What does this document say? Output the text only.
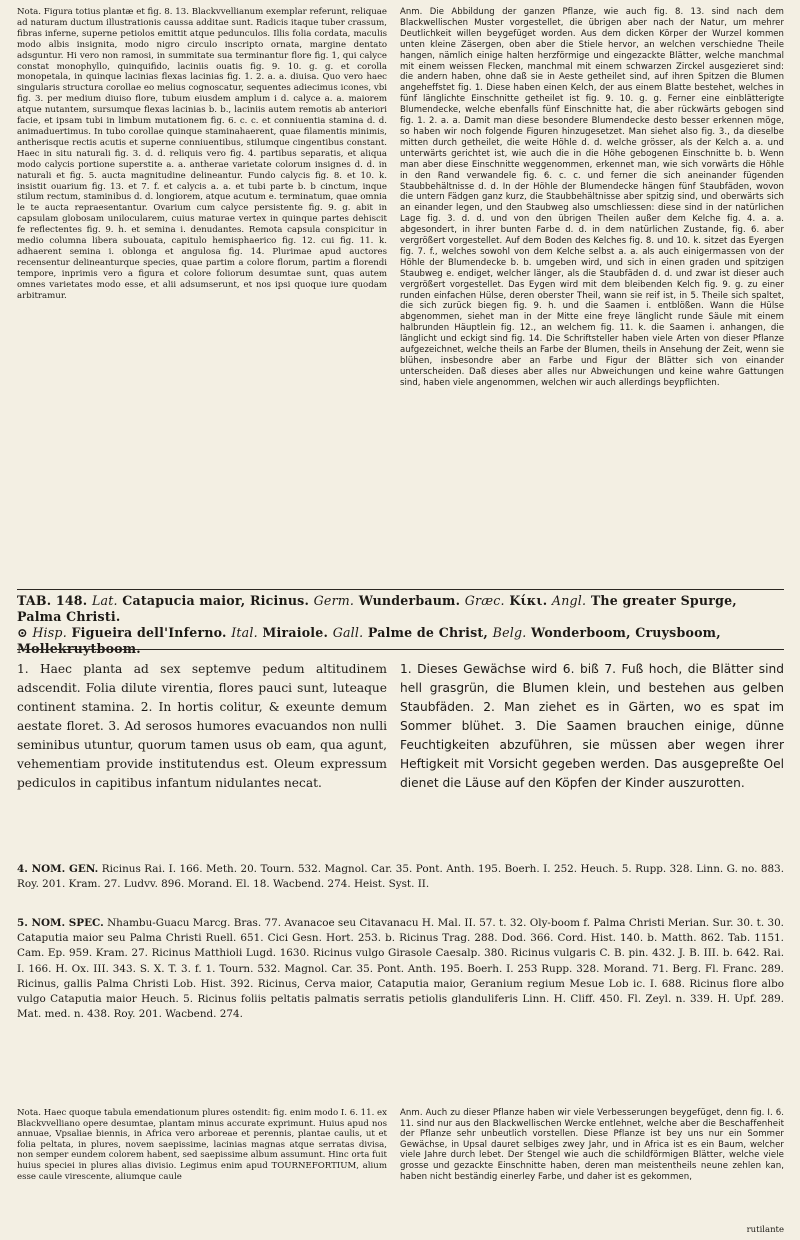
Nota. Figura totius plantæ et fig. 8. 13. Blackvvellianum exemplar referunt, reliquae ad naturam ductum illustrationis caussa additae sunt. Radicis itaque tuber crassum, fibras inferne, superne petiolos emittit atque pedunculos. Illis folia cordata, maculis modo albis insignita, modo nigro circulo inscripto ornata, margine dentato adsguntur. Hi vero non ramosi, in summitate sua terminantur flore fig. 1, qui calyce constat monophyllo, quinquifido, laciniis ouatis fig. 9. 10. g. g. et corolla monopetala, in quinque lacinias flexas lacinias fig. 1. 2. a. a. diuisa. Quo vero haec singularis structura corollae eo melius cognoscatur, sequentes adiecimus icones, vbi fig. 3. per medium diuiso flore, tubum eiusdem amplum i d. calyce a. a. maiorem atque nutantem, sursumque flexas lacinias b. b., laciniis autem remotis ab anteriori facie, et ipsam tubi in limbum mutationem fig. 6. c. c. et conniuentia stamina d. d. animaduertimus. In tubo corollae quinque staminahaerent, quae filamentis minimis, antherisque rectis acutis et superne conniuentibus, stilumque cingentibus constant. Haec in situ naturali fig. 3. d. d. reliquis vero fig. 4. partibus separatis, et aliqua modo calycis portione superstite a. a. antherae varietate colorum insignes d. d. in naturali et fig. 5. aucta magnitudine delineantur. Fundo calycis fig. 8. et 10. k. insistit ouarium fig. 13. et 7. f. et calycis a. a. et tubi parte b. b cinctum, inque stilum rectum, staminibus d. d. longiorem, atque acutum e. terminatum, quae omnia le te aucta repraesentantur. Ovarium cum calyce persistente fig. 9. g. abit in capsulam globosam unilocularem, cuius maturae vertex in quinque partes dehiscit fe reflectentes fig. 9. h. et semina i. denudantes. Remota capsula conspicitur in medio columna libera subouata, capitulo hemisphaerico fig. 12. cui fig. 11. k. adhaerent semina i. oblonga et angulosa fig. 14. Plurimae apud auctores recensentur delineanturque species, quae partim a colore florum, partim a florendi tempore, inprimis vero a figura et colore foliorum desumtae sunt, quas autem omnes varietates modo esse, et alii adsumserunt, et nos ipsi quoque iure quodam arbitramur.
Anm. Die Abbildung der ganzen Pflanze, wie auch fig. 8. 13. sind nach dem Blackwellischen Muster vorgestellet, die übrigen aber nach der Natur, um mehrer Deutlichkeit willen beygefüget worden. Aus dem dicken Körper der Wurzel kommen unten kleine Zäsergen, oben aber die Stiele hervor, an welchen verschiedne Theile hangen, nämlich einige halten herzförmige und eingezackte Blätter, welche manchmal mit einem weissen Flecken, manchmal mit einem schwarzen Zirckel ausgezieret sind: die andern haben, ohne daß sie in Aeste getheilet sind, auf ihren Spitzen die Blumen angeheffstet fig. 1. Diese haben einen Kelch, der aus einem Blatte bestehet, welches in fünf länglichte Einschnitte getheilet ist fig. 9. 10. g. g. Ferner eine einblätterigte Blumendecke, welche ebenfalls fünf Einschnitte hat, die aber rückwärts gebogen sind fig. 1. 2. a. a. Damit man diese besondere Blumendecke desto besser erkennen möge, so haben wir noch folgende Figuren hinzugesetzet. Man siehet also fig. 3., da dieselbe mitten durch getheilet, die weite Höhle d. d. welche grösser, als der Kelch a. a. und unterwärts gerichtet ist, wie auch die in die Höhe gebogenen Einschnitte b. b. Wenn man aber diese Einschnitte weggenommen, erkennet man, wie sich vorwärts die Höhle in den Rand verwandele fig. 6. c. c. und ferner die sich aneinander fügenden Staubbehältnisse d. d. In der Höhle der Blumendecke hängen fünf Staubfäden, wovon die untern Fädgen ganz kurz, die Staubbehältnisse aber spitzig sind, und oberwärts sich an einander legen, und den Staubweg also umschliessen: diese sind in der natürlichen Lage fig. 3. d. d. und von den übrigen Theilen außer dem Kelche fig. 4. a. a. abgesondert, in ihrer bunten Farbe d. d. in dem natürlichen Zustande, fig. 6. aber vergrößert vorgestellet. Auf dem Boden des Kelches fig. 8. und 10. k. sitzet das Eyergen fig. 7. f., welches sowohl von dem Kelche selbst a. a. als auch einigermassen von der Höhle der Blumendecke b. b. umgeben wird, und sich in einen graden und spitzigen Staubweg e. endiget, welcher länger, als die Staubfäden d. d. und zwar ist dieser auch vergrößert vorgestellet. Das Eygen wird mit dem bleibenden Kelch fig. 9. g. zu einer runden einfachen Hülse, deren oberster Theil, wann sie reif ist, in 5. Theile sich spaltet, die sich zurück biegen fig. 9. h. und die Saamen i. entblößen. Wann die Hülse abgenommen, siehet man in der Mitte eine freye länglicht runde Säule mit einem halbrunden Häuptlein fig. 12., an welchem fig. 11. k. die Saamen i. anhangen, die länglicht und eckigt sind fig. 14. Die Schriftsteller haben viele Arten von dieser Pflanze aufgezeichnet, welche theils an Farbe der Blumen, theils in Ansehung der Zeit, wenn sie blühen, insbesondre aber an Farbe und Figur der Blätter sich von einander unterscheiden. Daß dieses aber alles nur Abweichungen und keine wahre Gattungen sind, haben viele angenommen, welchen wir auch allerdings beypflichten.
TAB. 148. Lat. Catapucia maior, Ricinus. Germ. Wunderbaum. Græc. Κίκι. Angl. The greater Spurge, Palma Christi.
⊙ Hisp. Figueira dell'Inferno. Ital. Miraiole. Gall. Palme de Christ, Belg. Wonderboom, Cruysboom, Mollekruytboom.
1. Haec planta ad sex septemve pedum altitudinem adscendit. Folia dilute virentia, flores pauci sunt, luteaque continent stamina. 2. In hortis colitur, & exeunte demum aestate floret. 3. Ad serosos humores evacuandos non nulli seminibus utuntur, quorum tamen usus ob eam, qua agunt, vehementiam provide institutendus est. Oleum expressum pediculos in capitibus infantum nidulantes necat.
1. Dieses Gewächse wird 6. biß 7. Fuß hoch, die Blätter sind hell grasgrün, die Blumen klein, und bestehen aus gelben Staubfäden. 2. Man ziehet es in Gärten, wo es spat im Sommer blühet. 3. Die Saamen brauchen einige, dünne Feuchtigkeiten abzuführen, sie müssen aber wegen ihrer Heftigkeit mit Vorsicht gegeben werden. Das ausgepreßte Oel dienet die Läuse auf den Köpfen der Kinder auszurotten.
4. NOM. GEN. Ricinus Rai. I. 166. Meth. 20. Tourn. 532. Magnol. Car. 35. Pont. Anth. 195. Boerh. I. 252. Heuch. 5. Rupp. 328. Linn. G. no. 883. Roy. 201. Kram. 27. Ludvv. 896. Morand. El. 18. Wacbend. 274. Heist. Syst. II.
5. NOM. SPEC. Nhambu-Guacu Marcg. Bras. 77. Avanacoe seu Citavanacu H. Mal. II. 57. t. 32. Oly-boom f. Palma Christi Merian. Sur. 30. t. 30. Cataputia maior seu Palma Christi Ruell. 651. Cici Gesn. Hort. 253. b. Ricinus Trag. 288. Dod. 366. Cord. Hist. 140. b. Matth. 862. Tab. 1151. Cam. Ep. 959. Kram. 27. Ricinus Matthioli Lugd. 1630. Ricinus vulgo Girasole Caesalp. 380. Ricinus vulgaris C. B. pin. 432. J. B. III. b. 642. Rai. I. 166. H. Ox. III. 343. S. X. T. 3. f. 1. Tourn. 532. Magnol. Car. 35. Pont. Anth. 195. Boerh. I. 253 Rupp. 328. Morand. 71. Berg. Fl. Franc. 289. Ricinus, gallis Palma Christi Lob. Hist. 392. Ricinus, Cerva maior, Cataputia maior, Geranium regium Mesue Lob ic. I. 688. Ricinus flore albo vulgo Cataputia maior Heuch. 5. Ricinus foliis peltatis palmatis serratis petiolis glanduliferis Linn. H. Cliff. 450. Fl. Zeyl. n. 339. H. Upf. 289. Mat. med. n. 438. Roy. 201. Wacbend. 274.
Nota. Haec quoque tabula emendationum plures ostendit: fig. enim modo I. 6. 11. ex Blackvvelliano opere desumtae, plantam minus accurate exprimunt. Huius apud nos annuae, Vpsaliae biennis, in Africa vero arboreae et perennis, plantae caulis, ut et folia peltata, in plures, novem saepissime, lacinias magnas atque serratas divisa, non semper eundem colorem habent, sed saepissime album assumunt. Hinc orta fuit huius speciei in plures alias divisio. Legimus enim apud TOURNEFORTIUM, alium esse caule virescente, aliumque caule
Anm. Auch zu dieser Pflanze haben wir viele Verbesserungen beygefüget, denn fig. I. 6. 11. sind nur aus den Blackwellischen Wercke entlehnet, welche aber die Beschaffenheit der Pflanze sehr unbeutlich vorstellen. Diese Pflanze ist bey uns nur ein Sommer Gewächse, in Upsal dauret selbiges zwey Jahr, und in Africa ist es ein Baum, welcher viele Jahre durch lebet. Der Stengel wie auch die schildförmigen Blätter, welche viele grosse und gezackte Einschnitte haben, deren man meistentheils neune zehlen kan, haben nicht beständig einerley Farbe, und daher ist es gekommen,
rutilante
